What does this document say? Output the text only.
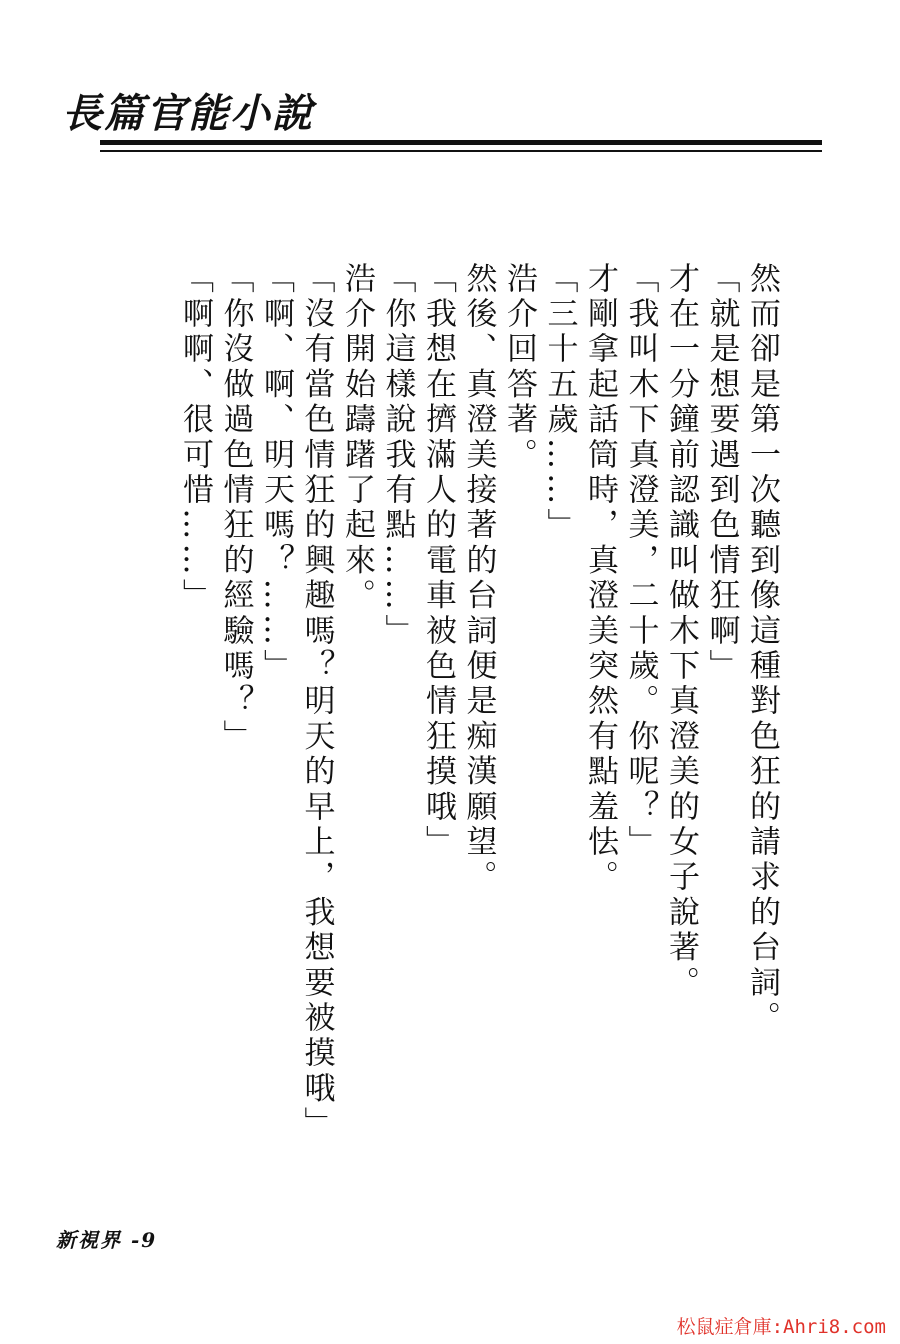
長篇官能小說

然而卻是第一次聽到像這種對色狂的請求的台詞。

「就是想要遇到色情狂啊」

才在一分鐘前認識叫做木下真澄美的女子說著。

「我叫木下真澄美，二十歲。你呢？」

才剛拿起話筒時，真澄美突然有點羞怯。

「三十五歲……」

浩介回答著。

然後、真澄美接著的台詞便是痴漢願望。

「我想在擠滿人的電車被色情狂摸哦」

「你這樣說我有點……」

浩介開始躊躇了起來。

「沒有當色情狂的興趣嗎？明天的早上，我想要被摸哦」

「啊、啊、明天嗎？……」

「你沒做過色情狂的經驗嗎？」

「啊啊、很可惜……」

新視界 -9
松鼠症倉庫:Ahri8.com
